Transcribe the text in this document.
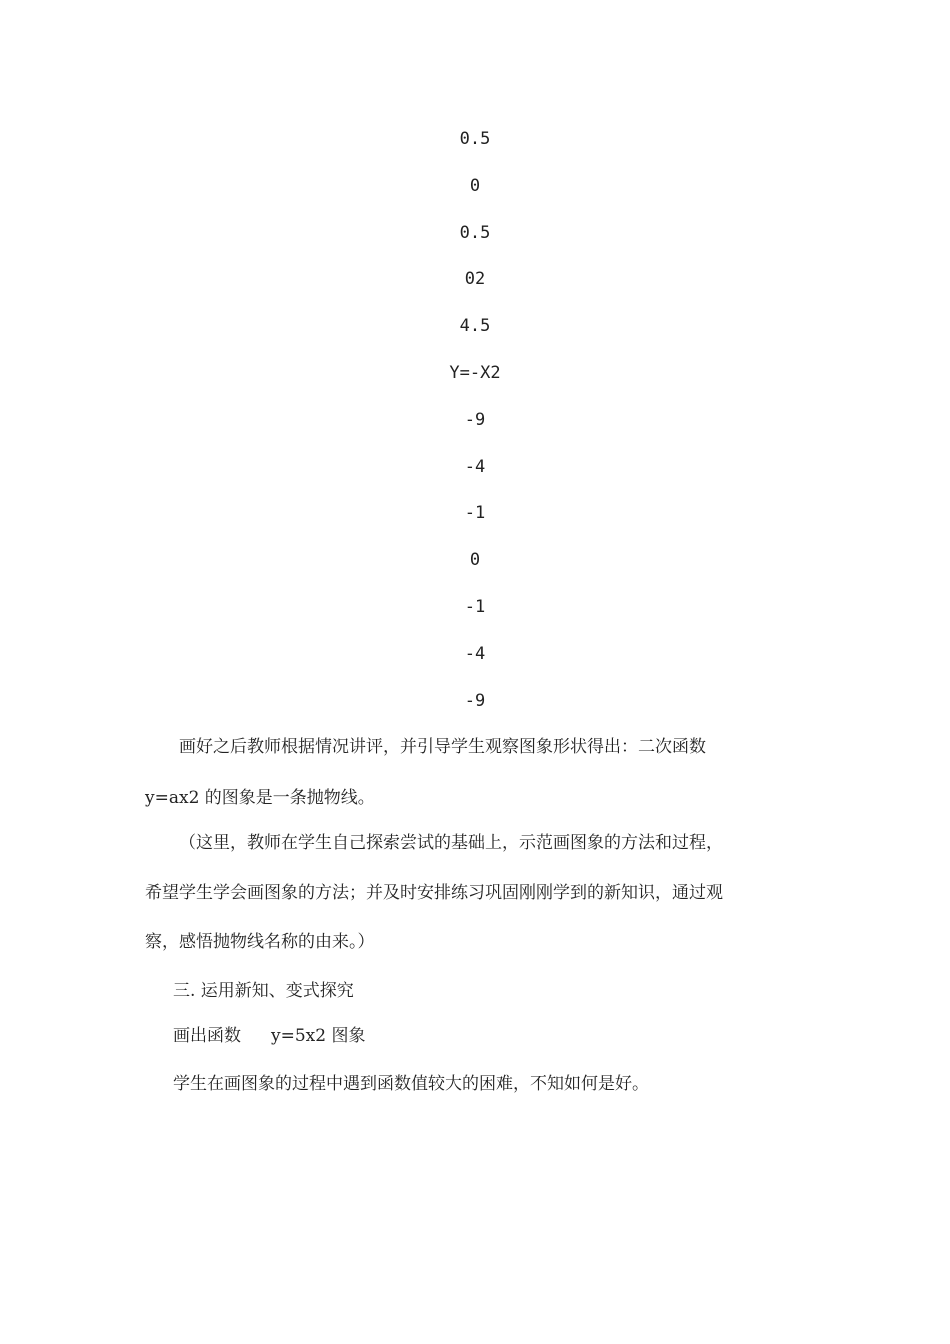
0.5
0
0.5
02
4.5
Y=-X2
-9
-4
-1
0
-1
-4
-9
画好之后教师根据情况讲评，并引导学生观察图象形状得出：二次函数
y=ax2 的图象是一条抛物线。
（这里，教师在学生自己探索尝试的基础上，示范画图象的方法和过程，
希望学生学会画图象的方法；并及时安排练习巩固刚刚学到的新知识，通过观
察，感悟抛物线名称的由来。）
三. 运用新知、变式探究
画出函数 y=5x2 图象
学生在画图象的过程中遇到函数值较大的困难，不知如何是好。
